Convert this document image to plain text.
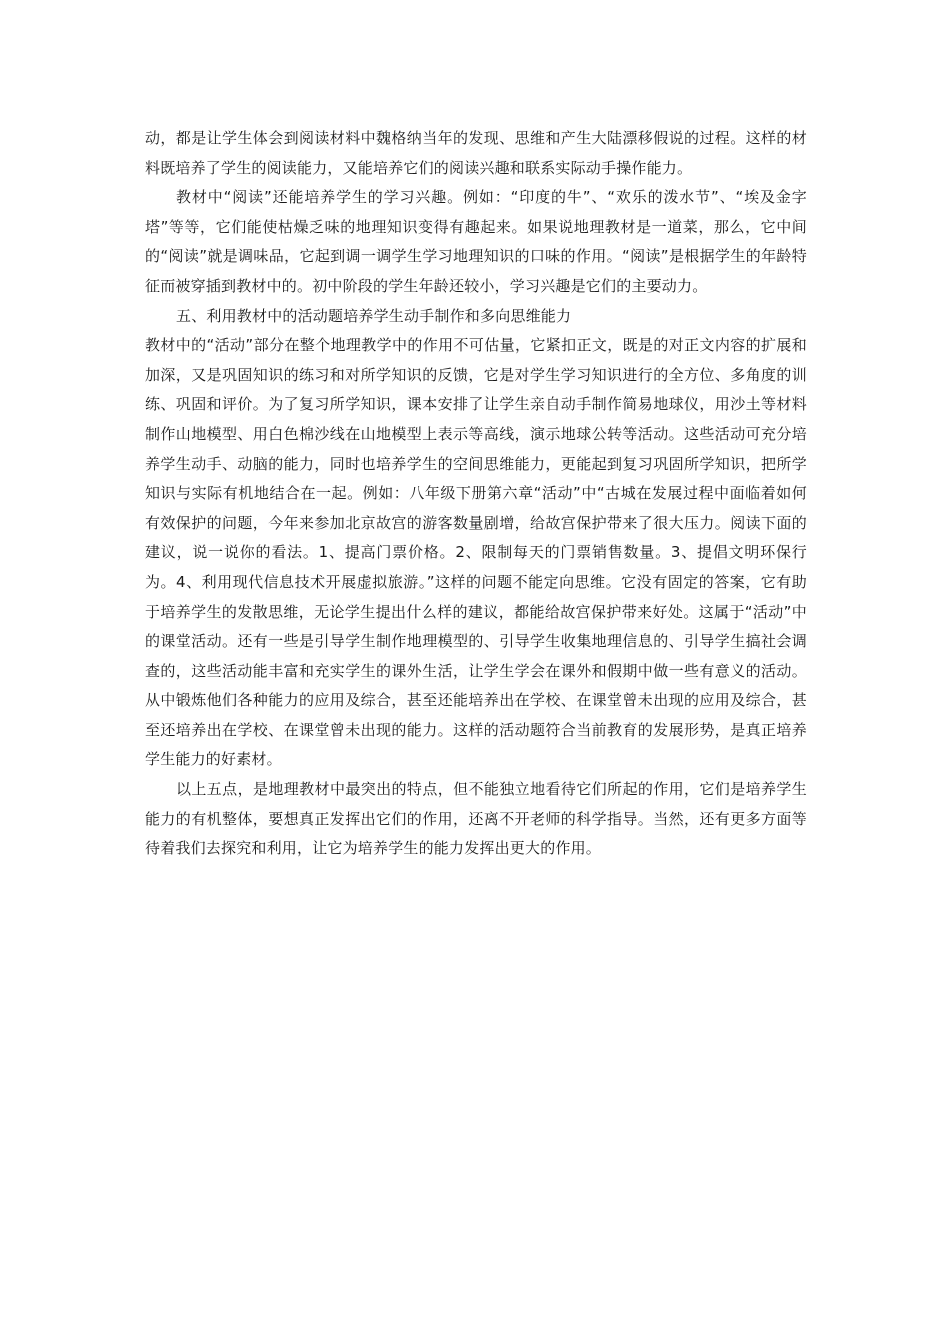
动，都是让学生体会到阅读材料中魏格纳当年的发现、思维和产生大陆漂移假说的过程。这样的材料既培养了学生的阅读能力，又能培养它们的阅读兴趣和联系实际动手操作能力。

教材中“阅读”还能培养学生的学习兴趣。例如：“印度的牛”、“欢乐的泼水节”、“埃及金字塔”等等，它们能使枯燥乏味的地理知识变得有趣起来。如果说地理教材是一道菜，那么，它中间的“阅读”就是调味品，它起到调一调学生学习地理知识的口味的作用。“阅读”是根据学生的年龄特征而被穿插到教材中的。初中阶段的学生年龄还较小，学习兴趣是它们的主要动力。

五、利用教材中的活动题培养学生动手制作和多向思维能力

教材中的“活动”部分在整个地理教学中的作用不可估量，它紧扣正文，既是的对正文内容的扩展和加深，又是巩固知识的练习和对所学知识的反馈，它是对学生学习知识进行的全方位、多角度的训练、巩固和评价。为了复习所学知识，课本安排了让学生亲自动手制作简易地球仪，用沙土等材料制作山地模型、用白色棉沙线在山地模型上表示等高线，演示地球公转等活动。这些活动可充分培养学生动手、动脑的能力，同时也培养学生的空间思维能力，更能起到复习巩固所学知识，把所学知识与实际有机地结合在一起。例如：八年级下册第六章“活动”中“古城在发展过程中面临着如何有效保护的问题，今年来参加北京故宫的游客数量剧增，给故宫保护带来了很大压力。阅读下面的建议，说一说你的看法。1、提高门票价格。2、限制每天的门票销售数量。3、提倡文明环保行为。4、利用现代信息技术开展虚拟旅游。”这样的问题不能定向思维。它没有固定的答案，它有助于培养学生的发散思维，无论学生提出什么样的建议，都能给故宫保护带来好处。这属于“活动”中的课堂活动。还有一些是引导学生制作地理模型的、引导学生收集地理信息的、引导学生搞社会调查的，这些活动能丰富和充实学生的课外生活，让学生学会在课外和假期中做一些有意义的活动。从中锻炼他们各种能力的应用及综合，甚至还能培养出在学校、在课堂曾未出现的应用及综合，甚至还培养出在学校、在课堂曾未出现的能力。这样的活动题符合当前教育的发展形势，是真正培养学生能力的好素材。

以上五点，是地理教材中最突出的特点，但不能独立地看待它们所起的作用，它们是培养学生能力的有机整体，要想真正发挥出它们的作用，还离不开老师的科学指导。当然，还有更多方面等待着我们去探究和利用，让它为培养学生的能力发挥出更大的作用。
